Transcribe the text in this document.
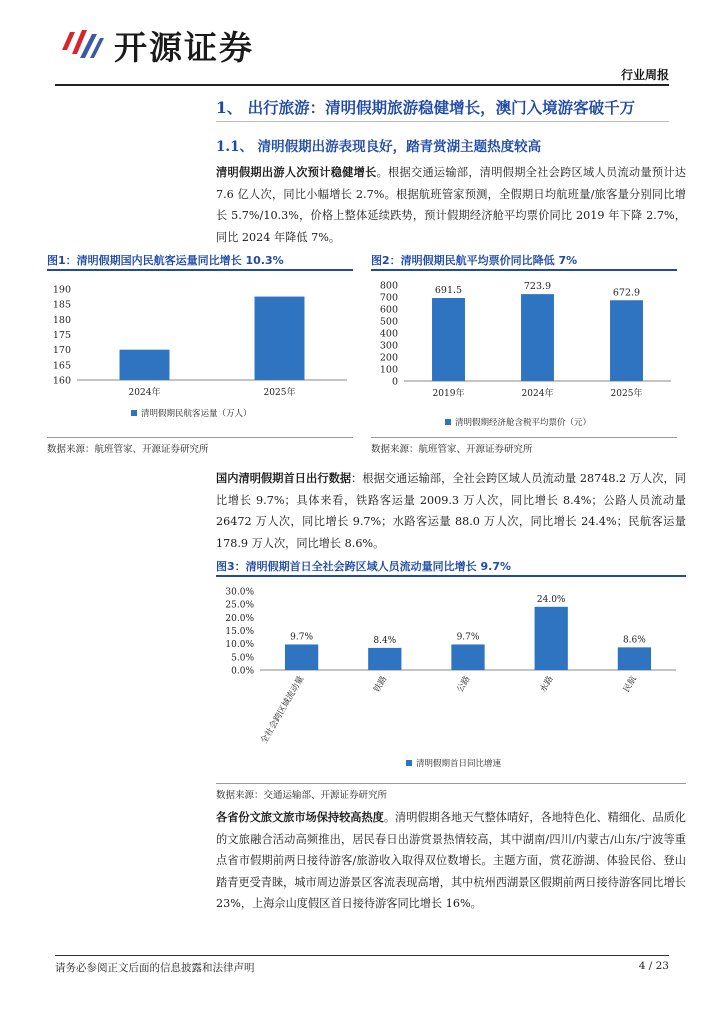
开源证券
行业周报
1、 出行旅游：清明假期旅游稳健增长，澳门入境游客破千万
1.1、 清明假期出游表现良好，踏青赏湖主题热度较高
清明假期出游人次预计稳健增长。根据交通运输部，清明假期全社会跨区域人员流动量预计达 7.6 亿人次，同比小幅增长 2.7%。根据航班管家预测，全假期日均航班量/旅客量分别同比增长 5.7%/10.3%，价格上整体延续跌势，预计假期经济舱平均票价同比 2019 年下降 2.7%，同比 2024 年降低 7%。
图1：清明假期国内民航客运量同比增长 10.3%
160
165
170
175
180
185
190
2024年	2025年
清明假期民航客运量（万人）
数据来源：航班管家、开源证券研究所
图2：清明假期民航平均票价同比降低 7%
0
100
200
300
400
500
600
700
800	691.5
2019年
723.9
2024年
672.9
2025年
清明假期经济舱含税平均票价（元）
数据来源：航班管家、开源证券研究所
国内清明假期首日出行数据：根据交通运输部，全社会跨区域人员流动量 28748.2 万人次，同比增长 9.7%；具体来看，铁路客运量 2009.3 万人次，同比增长 8.4%；公路人员流动量 26472 万人次，同比增长 9.7%；水路客运量 88.0 万人次，同比增长 24.4%；民航客运量 178.9 万人次，同比增长 8.6%。
图3：清明假期首日全社会跨区域人员流动量同比增长 9.7%
0.0%
5.0%
10.0%
15.0%
20.0%
25.0%
30.0%
9.7%
全社会跨区域流动量
8.4%
铁路
9.7%
公路
24.0%
水路
8.6%
民航
清明假期首日同比增速
数据来源：交通运输部、开源证券研究所
各省份文旅文旅市场保持较高热度。清明假期各地天气整体晴好，各地特色化、精细化、品质化的文旅融合活动高频推出，居民春日出游赏景热情较高，其中湖南/四川/内蒙古/山东/宁波等重点省市假期前两日接待游客/旅游收入取得双位数增长。主题方面，赏花游湖、体验民俗、登山踏青更受青睐，城市周边游景区客流表现高增，其中杭州西湖景区假期前两日接待游客同比增长 23%，上海佘山度假区首日接待游客同比增长 16%。
请务必参阅正文后面的信息披露和法律声明	4 / 23
